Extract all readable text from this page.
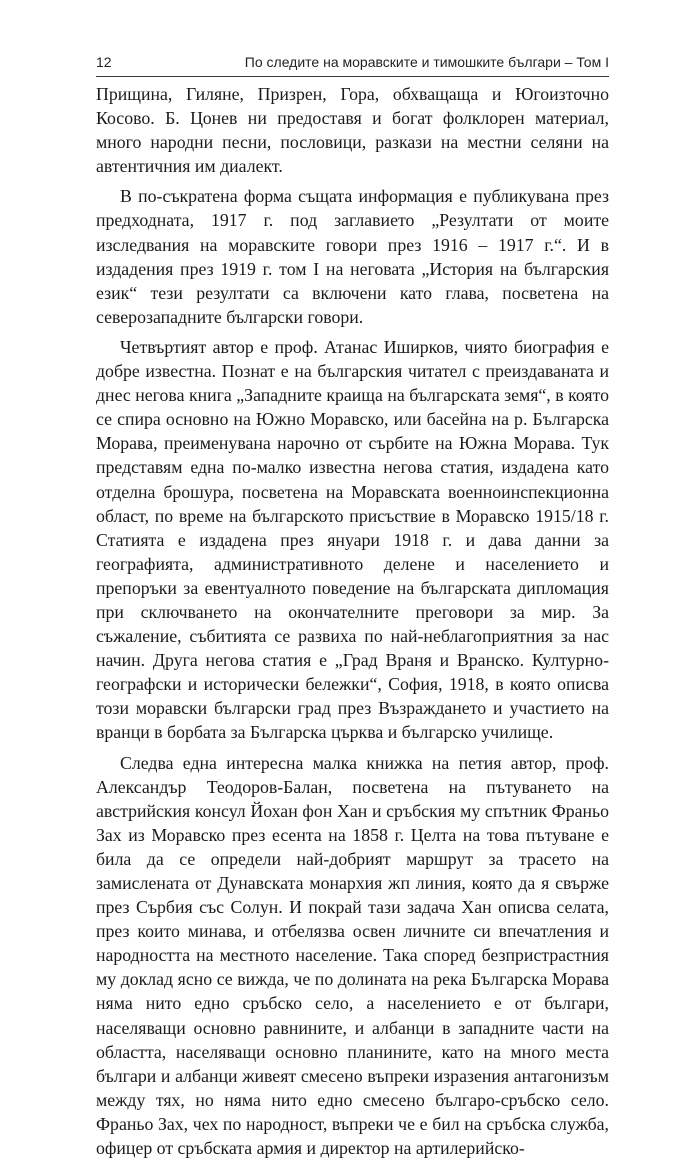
12	По следите на моравските и тимошките българи – Том I

Прищина, Гиляне, Призрен, Гора, обхващаща и Югоизточно Косово. Б. Цонев ни предоставя и богат фолклорен материал, много народни песни, пословици, разкази на местни селяни на автентичния им диалект.

В по-съкратена форма същата информация е публикувана през предходната, 1917 г. под заглавието „Резултати от моите изследвания на моравските говори през 1916 – 1917 г.“. И в издадения през 1919 г. том I на неговата „История на българския език“ тези резултати са включени като глава, посветена на северозападните български говори.

Четвъртият автор е проф. Атанас Иширков, чиято биография е добре известна. Познат е на българския читател с преиздаваната и днес негова книга „Западните краища на българската земя“, в която се спира основно на Южно Моравско, или басейна на р. Българска Морава, преименувана нарочно от сърбите на Южна Морава. Тук представям една по-малко известна негова статия, издадена като отделна брошура, посветена на Моравската военноинспекционна област, по време на българското присъствие в Моравско 1915/18 г. Статията е издадена през януари 1918 г. и дава данни за географията, административното делене и населението и препоръки за евентуалното поведение на българската дипломация при сключването на окончателните преговори за мир. За съжаление, събитията се развиха по най-неблагоприятния за нас начин. Друга негова статия е „Град Враня и Вранско. Културно-географски и исторически бележки“, София, 1918, в която описва този моравски български град през Възраждането и участието на вранци в борбата за Българска църква и българско училище.

Следва една интересна малка книжка на петия автор, проф. Александър Теодоров-Балан, посветена на пътуването на австрийския консул Йохан фон Хан и сръбския му спътник Франьо Зах из Моравско през есента на 1858 г. Целта на това пътуване е била да се определи най-добрият маршрут за трасето на замислената от Дунавската монархия жп линия, която да я свърже през Сърбия със Солун. И покрай тази задача Хан описва селата, през които минава, и отбелязва освен личните си впечатления и народността на местното население. Така според безпристрастния му доклад ясно се вижда, че по долината на река Българска Морава няма нито едно сръбско село, а населението е от българи, населяващи основно равнините, и албанци в западните части на областта, населяващи основно планините, като на много места българи и албанци живеят смесено въпреки изразения антагонизъм между тях, но няма нито едно смесено българо-сръбско село. Франьо Зах, чех по народност, въпреки че е бил на сръбска служба, офицер от сръбската армия и директор на артилерийско-
